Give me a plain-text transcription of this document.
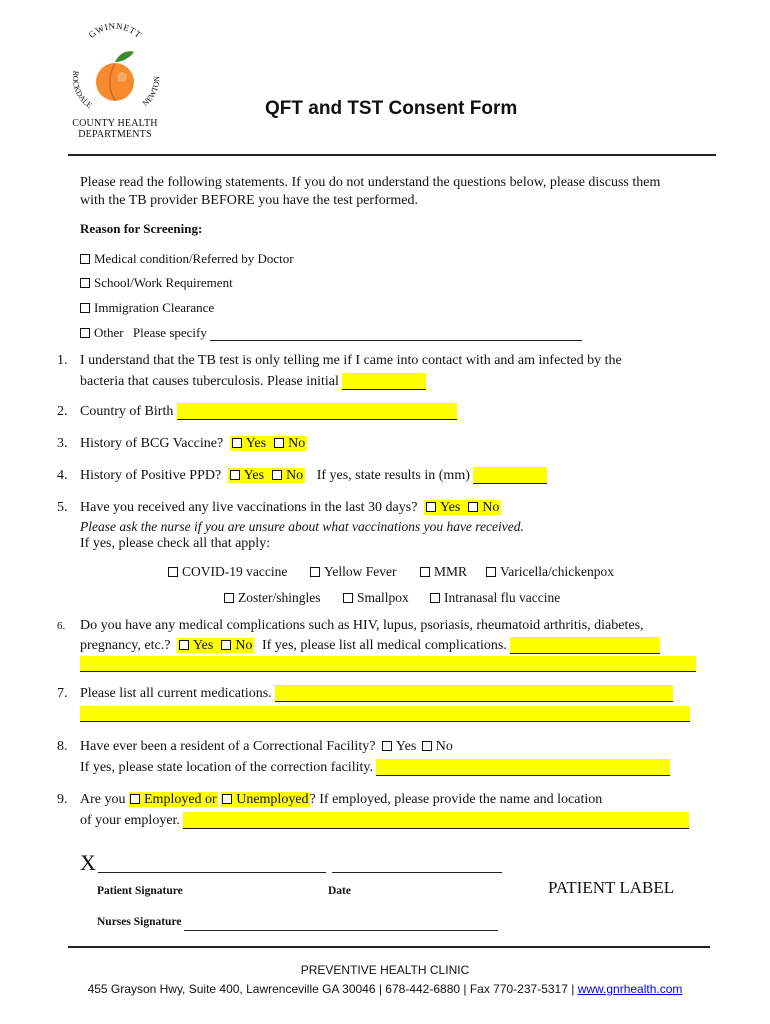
GWINNETT
ROCKDALE	NEWTON
COUNTY HEALTH
DEPARTMENTS
QFT and TST Consent Form
Please read the following statements. If you do not understand the questions below, please discuss them
with the TB provider BEFORE you have the test performed.
Reason for Screening:
Medical condition/Referred by Doctor
School/Work Requirement
Immigration Clearance
Other Please specify
1. I understand that the TB test is only telling me if I came into contact with and am infected by the
bacteria that causes tuberculosis. Please initial
2. Country of Birth
3. History of BCG Vaccine? Yes No
4. History of Positive PPD? Yes No If yes, state results in (mm)
5. Have you received any live vaccinations in the last 30 days? Yes No
Please ask the nurse if you are unsure about what vaccinations you have received.
If yes, please check all that apply:
COVID-19 vaccine	Yellow Fever	MMR	Varicella/chickenpox
Zoster/shingles	Smallpox	Intranasal flu vaccine
6. Do you have any medical complications such as HIV, lupus, psoriasis, rheumatoid arthritis, diabetes,
pregnancy, etc.? Yes No If yes, please list all medical complications.
7. Please list all current medications.
8. Have ever been a resident of a Correctional Facility? Yes No
If yes, please state location of the correction facility.
9. Are you Employed or Unemployed? If employed, please provide the name and location
of your employer.
X
Patient Signature	Date	PATIENT LABEL
Nurses Signature
PREVENTIVE HEALTH CLINIC
455 Grayson Hwy, Suite 400, Lawrenceville GA 30046 | 678-442-6880 | Fax 770-237-5317 | www.gnrhealth.com
